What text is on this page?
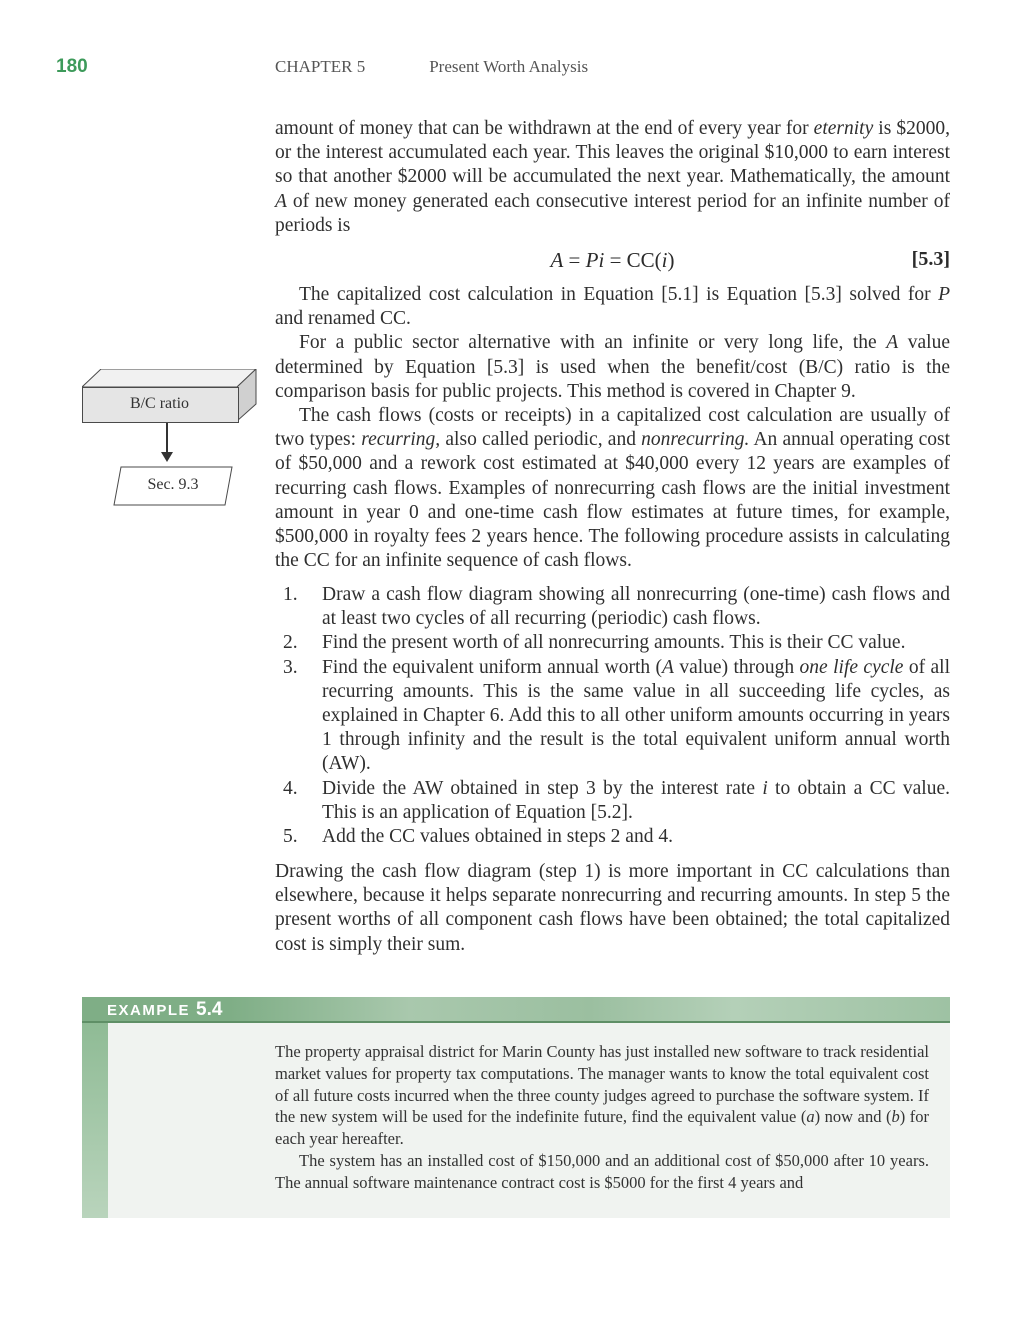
180	CHAPTER 5	Present Worth Analysis

amount of money that can be withdrawn at the end of every year for eternity is $2000, or the interest accumulated each year. This leaves the original $10,000 to earn interest so that another $2000 will be accumulated the next year. Mathematically, the amount A of new money generated each consecutive interest period for an infinite number of periods is

A = Pi = CC(i)	[5.3]

The capitalized cost calculation in Equation [5.1] is Equation [5.3] solved for P and renamed CC.

For a public sector alternative with an infinite or very long life, the A value determined by Equation [5.3] is used when the benefit/cost (B/C) ratio is the comparison basis for public projects. This method is covered in Chapter 9.

The cash flows (costs or receipts) in a capitalized cost calculation are usually of two types: recurring, also called periodic, and nonrecurring. An annual operating cost of $50,000 and a rework cost estimated at $40,000 every 12 years are examples of recurring cash flows. Examples of nonrecurring cash flows are the initial investment amount in year 0 and one-time cash flow estimates at future times, for example, $500,000 in royalty fees 2 years hence. The following procedure assists in calculating the CC for an infinite sequence of cash flows.

1. Draw a cash flow diagram showing all nonrecurring (one-time) cash flows and at least two cycles of all recurring (periodic) cash flows.
2. Find the present worth of all nonrecurring amounts. This is their CC value.
3. Find the equivalent uniform annual worth (A value) through one life cycle of all recurring amounts. This is the same value in all succeeding life cycles, as explained in Chapter 6. Add this to all other uniform amounts occurring in years 1 through infinity and the result is the total equivalent uniform annual worth (AW).
4. Divide the AW obtained in step 3 by the interest rate i to obtain a CC value. This is an application of Equation [5.2].
5. Add the CC values obtained in steps 2 and 4.
Drawing the cash flow diagram (step 1) is more important in CC calculations than elsewhere, because it helps separate nonrecurring and recurring amounts. In step 5 the present worths of all component cash flows have been obtained; the total capitalized cost is simply their sum.
B/C ratio
Sec. 9.3
EXAMPLE 5.4

The property appraisal district for Marin County has just installed new software to track residential market values for property tax computations. The manager wants to know the total equivalent cost of all future costs incurred when the three county judges agreed to purchase the software system. If the new system will be used for the indefinite future, find the equivalent value (a) now and (b) for each year hereafter.

The system has an installed cost of $150,000 and an additional cost of $50,000 after 10 years. The annual software maintenance contract cost is $5000 for the first 4 years and
